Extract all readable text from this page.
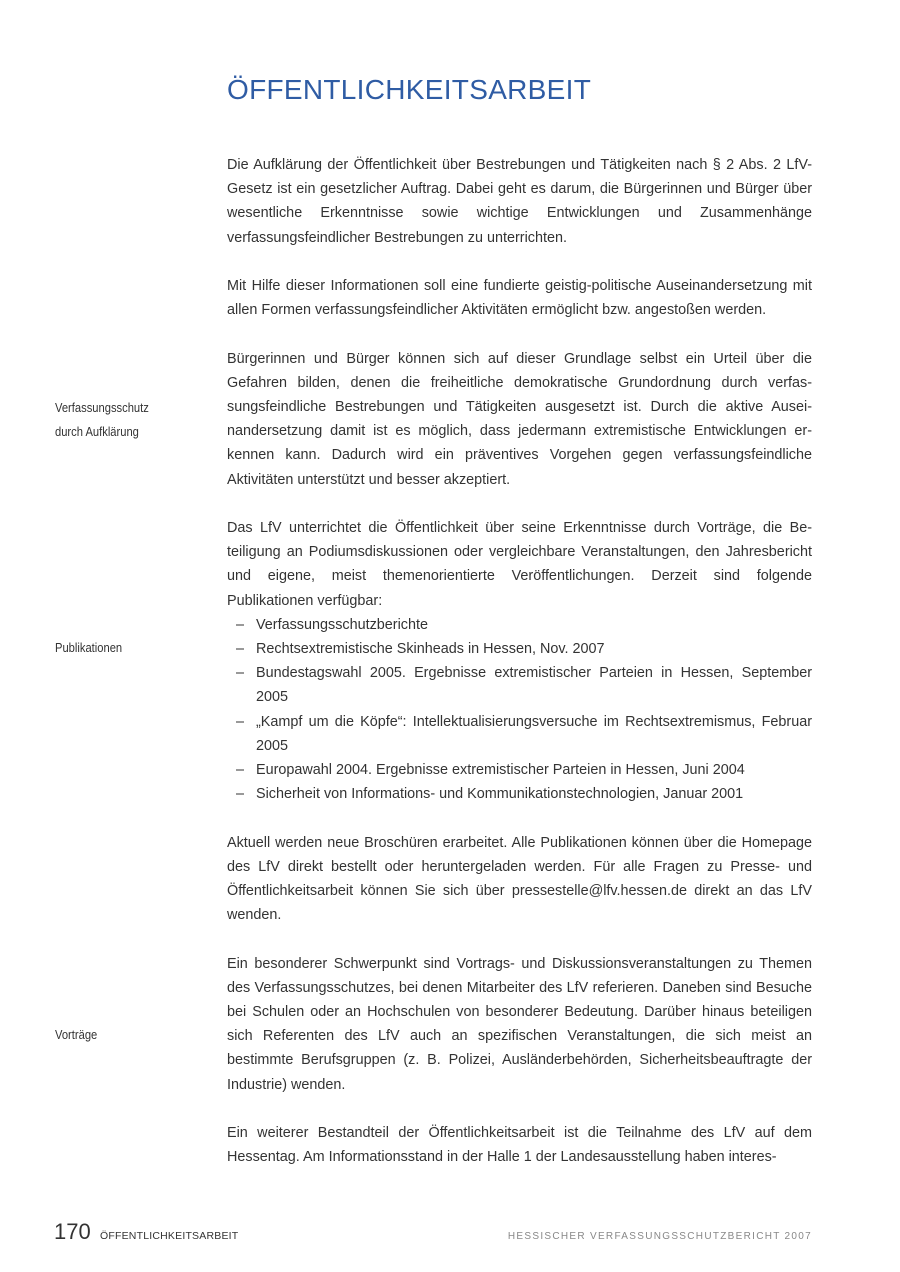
ÖFFENTLICHKEITSARBEIT

Die Aufklärung der Öffentlichkeit über Bestrebungen und Tätigkeiten nach § 2 Abs. 2 LfV-Gesetz ist ein gesetzlicher Auftrag. Dabei geht es darum, die Bürgerinnen und Bürger über wesentliche Erkenntnisse sowie wichtige Entwicklungen und Zusammenhänge verfassungsfeindlicher Bestrebungen zu unterrichten.

Mit Hilfe dieser Informationen soll eine fundierte geistig-politische Auseinandersetzung mit allen Formen verfassungsfeindlicher Aktivitäten ermöglicht bzw. angestoßen werden.

Bürgerinnen und Bürger können sich auf dieser Grundlage selbst ein Urteil über die Gefahren bilden, denen die freiheitliche demokratische Grundordnung durch verfassungsfeindliche Bestrebungen und Tätigkeiten ausgesetzt ist. Durch die aktive Auseinandersetzung damit ist es möglich, dass jedermann extremistische Entwicklungen erkennen kann. Dadurch wird ein präventives Vorgehen gegen verfassungsfeindliche Aktivitäten unterstützt und besser akzeptiert.

Das LfV unterrichtet die Öffentlichkeit über seine Erkenntnisse durch Vorträge, die Beteiligung an Podiumsdiskussionen oder vergleichbare Veranstaltungen, den Jahresbericht und eigene, meist themenorientierte Veröffentlichungen. Derzeit sind folgende Publikationen verfügbar:

– Verfassungsschutzberichte
– Rechtsextremistische Skinheads in Hessen, Nov. 2007
– Bundestagswahl 2005. Ergebnisse extremistischer Parteien in Hessen, September 2005
– „Kampf um die Köpfe“: Intellektualisierungsversuche im Rechtsextremismus, Februar 2005
– Europawahl 2004. Ergebnisse extremistischer Parteien in Hessen, Juni 2004
– Sicherheit von Informations- und Kommunikationstechnologien, Januar 2001

Aktuell werden neue Broschüren erarbeitet. Alle Publikationen können über die Homepage des LfV direkt bestellt oder heruntergeladen werden. Für alle Fragen zu Presse- und Öffentlichkeitsarbeit können Sie sich über pressestelle@lfv.hessen.de direkt an das LfV wenden.

Ein besonderer Schwerpunkt sind Vortrags- und Diskussionsveranstaltungen zu Themen des Verfassungsschutzes, bei denen Mitarbeiter des LfV referieren. Daneben sind Besuche bei Schulen oder an Hochschulen von besonderer Bedeutung. Darüber hinaus beteiligen sich Referenten des LfV auch an spezifischen Veranstaltungen, die sich meist an bestimmte Berufsgruppen (z. B. Polizei, Ausländerbehörden, Sicherheitsbeauftragte der Industrie) wenden.

Ein weiterer Bestandteil der Öffentlichkeitsarbeit ist die Teilnahme des LfV auf dem Hessentag. Am Informationsstand in der Halle 1 der Landesausstellung haben interes-

Verfassungsschutz
durch Aufklärung
Publikationen
Vorträge
170 ÖFFENTLICHKEITSARBEIT	HESSISCHER VERFASSUNGSSCHUTZBERICHT 2007
